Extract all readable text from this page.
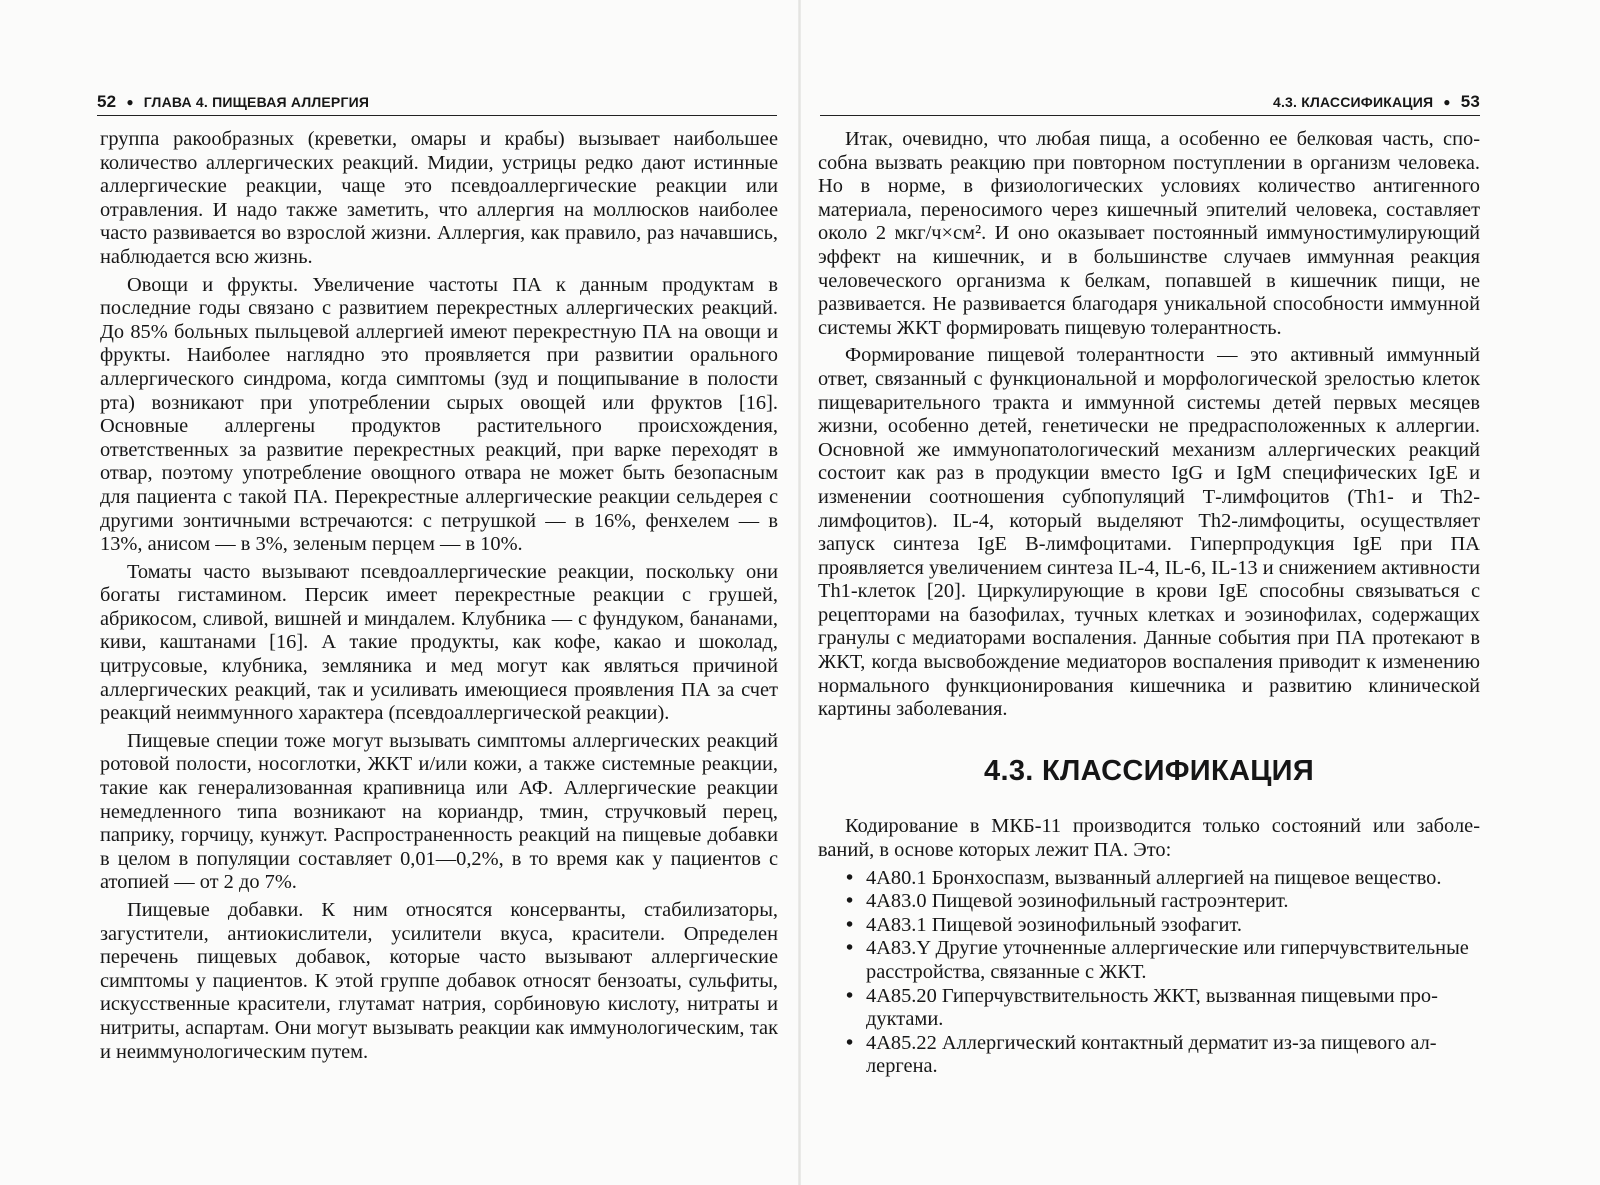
52 ● ГЛАВА 4. ПИЩЕВАЯ АЛЛЕРГИЯ

группа ракообразных (креветки, омары и крабы) вызывает наибольшее количество аллергических реакций. Мидии, устрицы редко дают истинные аллергические реакции, чаще это псевдоаллергические реакции или отравления. И надо также заметить, что аллергия на моллюсков наиболее часто развивается во взрослой жизни. Аллергия, как правило, раз начавшись, наблюдается всю жизнь.

Овощи и фрукты. Увеличение частоты ПА к данным продуктам в последние годы связано с развитием перекрестных аллергических реакций. До 85% больных пыльцевой аллергией имеют перекрестную ПА на овощи и фрукты. Наиболее наглядно это проявляется при развитии орального аллергического синдрома, когда симптомы (зуд и пощипывание в полости рта) возникают при употреблении сырых овощей или фруктов [16]. Основные аллергены продуктов растительного происхождения, ответственных за развитие перекрестных реакций, при варке переходят в отвар, поэтому употребление овощного отвара не может быть безопасным для пациента с такой ПА. Перекрестные аллергические реакции сельдерея с другими зонтичными встречаются: с петрушкой — в 16%, фенхелем — в 13%, анисом — в 3%, зеленым перцем — в 10%.

Томаты часто вызывают псевдоаллергические реакции, поскольку они богаты гистамином. Персик имеет перекрестные реакции с грушей, абрикосом, сливой, вишней и миндалем. Клубника — с фундуком, бананами, киви, каштанами [16]. А такие продукты, как кофе, какао и шоколад, цитрусовые, клубника, земляника и мед могут как являться причиной аллергических реакций, так и усиливать имеющиеся проявления ПА за счет реакций неиммунного характера (псевдоаллергической реакции).

Пищевые специи тоже могут вызывать симптомы аллергических реакций ротовой полости, носоглотки, ЖКТ и/или кожи, а также системные реакции, такие как генерализованная крапивница или АФ. Аллергические реакции немедленного типа возникают на кориандр, тмин, стручковый перец, паприку, горчицу, кунжут. Распространенность реакций на пищевые добавки в целом в популяции составляет 0,01—0,2%, в то время как у пациентов с атопией — от 2 до 7%.

Пищевые добавки. К ним относятся консерванты, стабилизаторы, загустители, антиокислители, усилители вкуса, красители. Определен перечень пищевых добавок, которые часто вызывают аллергические симптомы у пациентов. К этой группе добавок относят бензоаты, сульфиты, искусственные красители, глутамат натрия, сорбиновую кислоту, нитраты и нитриты, аспартам. Они могут вызывать реакции как иммунологическим, так и неиммунологическим путем.

4.3. КЛАССИФИКАЦИЯ ● 53

Итак, очевидно, что любая пища, а особенно ее белковая часть, способна вызвать реакцию при повторном поступлении в организм человека. Но в норме, в физиологических условиях количество антигенного материала, переносимого через кишечный эпителий человека, составляет около 2 мкг/ч×см². И оно оказывает постоянный иммуностимулирующий эффект на кишечник, и в большинстве случаев иммунная реакция человеческого организма к белкам, попавшей в кишечник пищи, не развивается. Не развивается благодаря уникальной способности иммунной системы ЖКТ формировать пищевую толерантность.

Формирование пищевой толерантности — это активный иммунный ответ, связанный с функциональной и морфологической зрелостью клеток пищеварительного тракта и иммунной системы детей первых месяцев жизни, особенно детей, генетически не предрасположенных к аллергии. Основной же иммунопатологический механизм аллергических реакций состоит как раз в продукции вместо IgG и IgM специфических IgE и изменении соотношения субпопуляций Т-лимфоцитов (Th1- и Th2-лимфоцитов). IL-4, который выделяют Th2-лимфоциты, осуществляет запуск синтеза IgE В-лимфоцитами. Гиперпродукция IgE при ПА проявляется увеличением синтеза IL-4, IL-6, IL-13 и снижением активности Th1-клеток [20]. Циркулирующие в крови IgE способны связываться с рецепторами на базофилах, тучных клетках и эозинофилах, содержащих гранулы с медиаторами воспаления. Данные события при ПА протекают в ЖКТ, когда высвобождение медиаторов воспаления приводит к изменению нормального функционирования кишечника и развитию клинической картины заболевания.

4.3. КЛАССИФИКАЦИЯ

Кодирование в МКБ-11 производится только состояний или заболеваний, в основе которых лежит ПА. Это:

• 4А80.1 Бронхоспазм, вызванный аллергией на пищевое вещество.
• 4А83.0 Пищевой эозинофильный гастроэнтерит.
• 4А83.1 Пищевой эозинофильный эзофагит.
• 4А83.Y Другие уточненные аллергические или гиперчувствительные расстройства, связанные с ЖКТ.
• 4А85.20 Гиперчувствительность ЖКТ, вызванная пищевыми продуктами.
• 4А85.22 Аллергический контактный дерматит из-за пищевого аллергена.
